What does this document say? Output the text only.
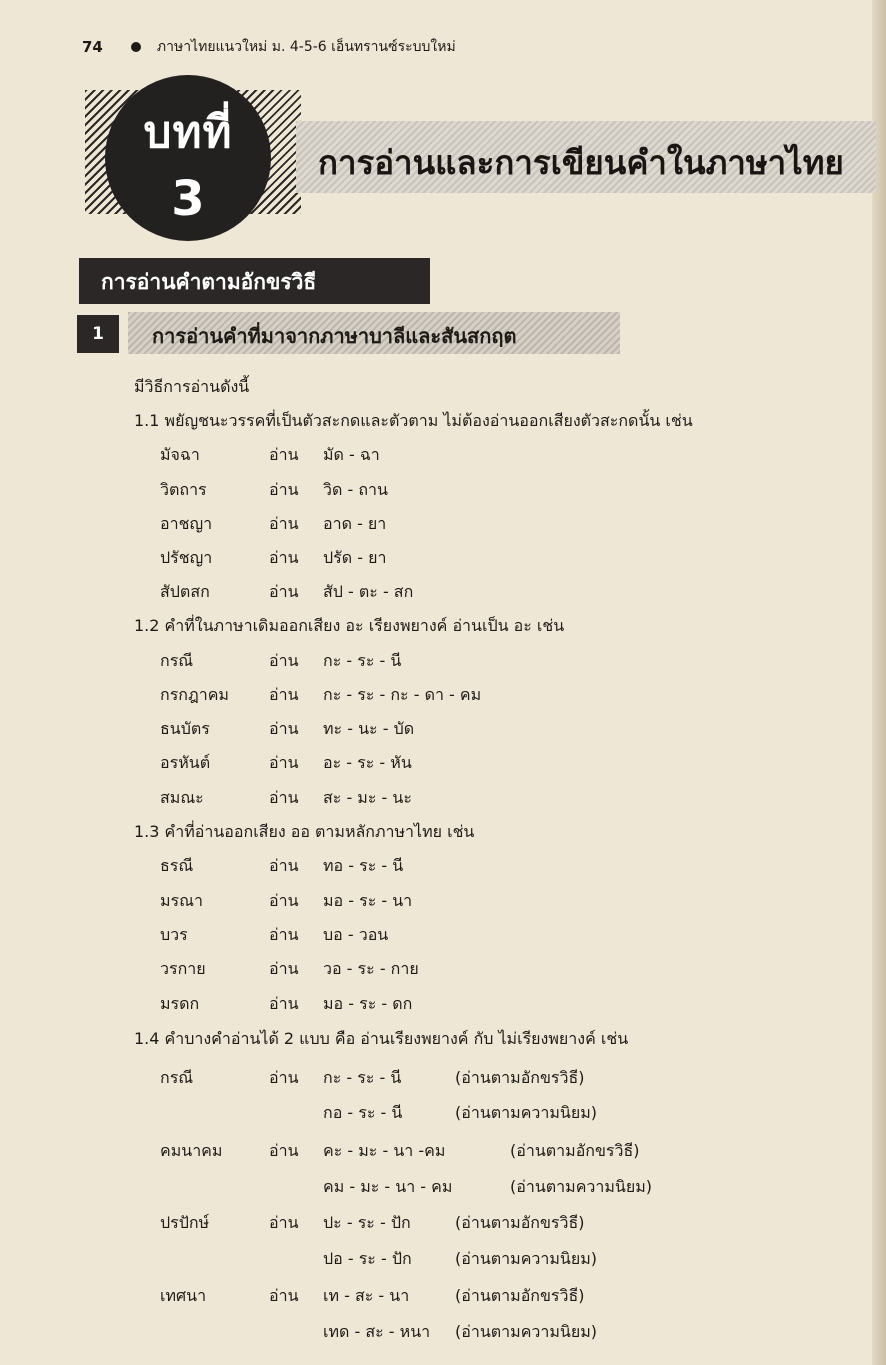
74	ภาษาไทยแนวใหม่ ม. 4-5-6 เอ็นทรานซ์ระบบใหม่
การอ่านและการเขียนคำในภาษาไทย
บทที่
3
การอ่านคำตามอักขรวิธี
1	การอ่านคำที่มาจากภาษาบาลีและสันสกฤต
มีวิธีการอ่านดังนี้
1.1 พยัญชนะวรรคที่เป็นตัวสะกดและตัวตาม ไม่ต้องอ่านออกเสียงตัวสะกดนั้น เช่น
มัจฉา	อ่าน มัด - ฉา
วิตถาร	อ่าน วิด - ถาน
อาชญา	อ่าน อาด - ยา
ปรัชญา	อ่าน ปรัด - ยา
สัปตสก	อ่าน สัป - ตะ - สก
1.2 คำที่ในภาษาเดิมออกเสียง อะ เรียงพยางค์ อ่านเป็น อะ เช่น
กรณี	อ่าน กะ - ระ - นี
กรกฎาคม	อ่าน กะ - ระ - กะ - ดา - คม
ธนบัตร	อ่าน ทะ - นะ - บัด
อรหันต์	อ่าน อะ - ระ - หัน
สมณะ	อ่าน สะ - มะ - นะ
1.3 คำที่อ่านออกเสียง ออ ตามหลักภาษาไทย เช่น
ธรณี	อ่าน ทอ - ระ - นี
มรณา	อ่าน มอ - ระ - นา
บวร	อ่าน บอ - วอน
วรกาย	อ่าน วอ - ระ - กาย
มรดก	อ่าน มอ - ระ - ดก
1.4 คำบางคำอ่านได้ 2 แบบ คือ อ่านเรียงพยางค์ กับ ไม่เรียงพยางค์ เช่น
กรณี	อ่าน กะ - ระ - นี	(อ่านตามอักขรวิธี)
กอ - ระ - นี	(อ่านตามความนิยม)
คมนาคม	อ่าน คะ - มะ - นา -คม	(อ่านตามอักขรวิธี)
คม - มะ - นา - คม	(อ่านตามความนิยม)
ปรปักษ์	อ่าน ปะ - ระ - ปัก	(อ่านตามอักขรวิธี)
ปอ - ระ - ปัก	(อ่านตามความนิยม)
เทศนา	อ่าน เท - สะ - นา	(อ่านตามอักขรวิธี)
เทด - สะ - หนา (อ่านตามความนิยม)
